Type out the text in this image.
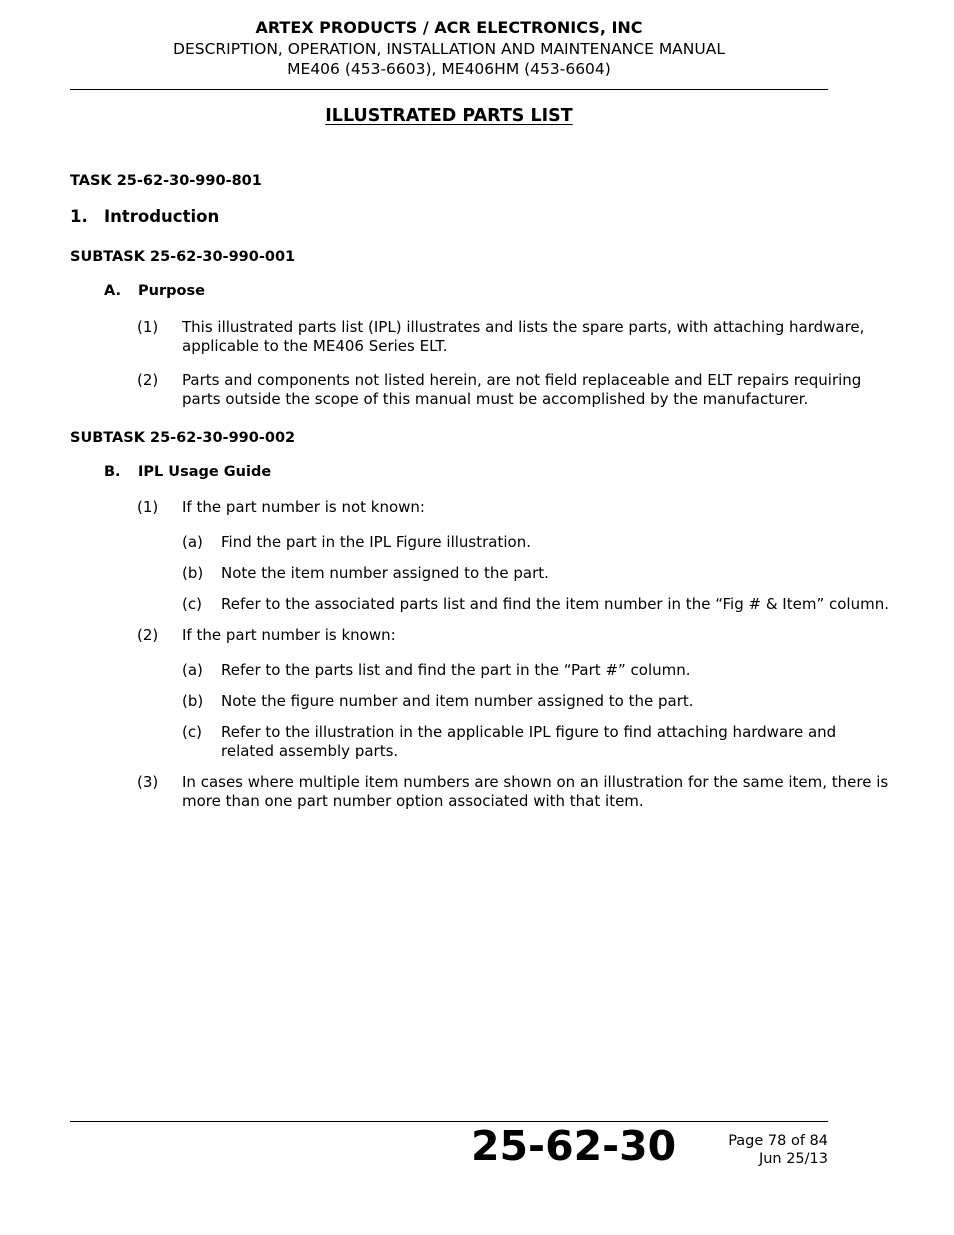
ARTEX PRODUCTS / ACR ELECTRONICS, INC
DESCRIPTION, OPERATION, INSTALLATION AND MAINTENANCE MANUAL
ME406 (453-6603), ME406HM (453-6604)
ILLUSTRATED PARTS LIST
TASK 25-62-30-990-801
1. Introduction
SUBTASK 25-62-30-990-001
A. Purpose
(1)	This illustrated parts list (IPL) illustrates and lists the spare parts, with attaching hardware,
applicable to the ME406 Series ELT.
(2)	Parts and components not listed herein, are not field replaceable and ELT repairs requiring
parts outside the scope of this manual must be accomplished by the manufacturer.
SUBTASK 25-62-30-990-002
B. IPL Usage Guide
(1)	If the part number is not known:
(a)	Find the part in the IPL Figure illustration.
(b)	Note the item number assigned to the part.
(c)	Refer to the associated parts list and find the item number in the “Fig # & Item” column.
(2)	If the part number is known:
(a)	Refer to the parts list and find the part in the “Part #” column.
(b)	Note the figure number and item number assigned to the part.
(c)	Refer to the illustration in the applicable IPL figure to find attaching hardware and
related assembly parts.
(3)	In cases where multiple item numbers are shown on an illustration for the same item, there is
more than one part number option associated with that item.
25-62-30	Page 78 of 84
Jun 25/13
